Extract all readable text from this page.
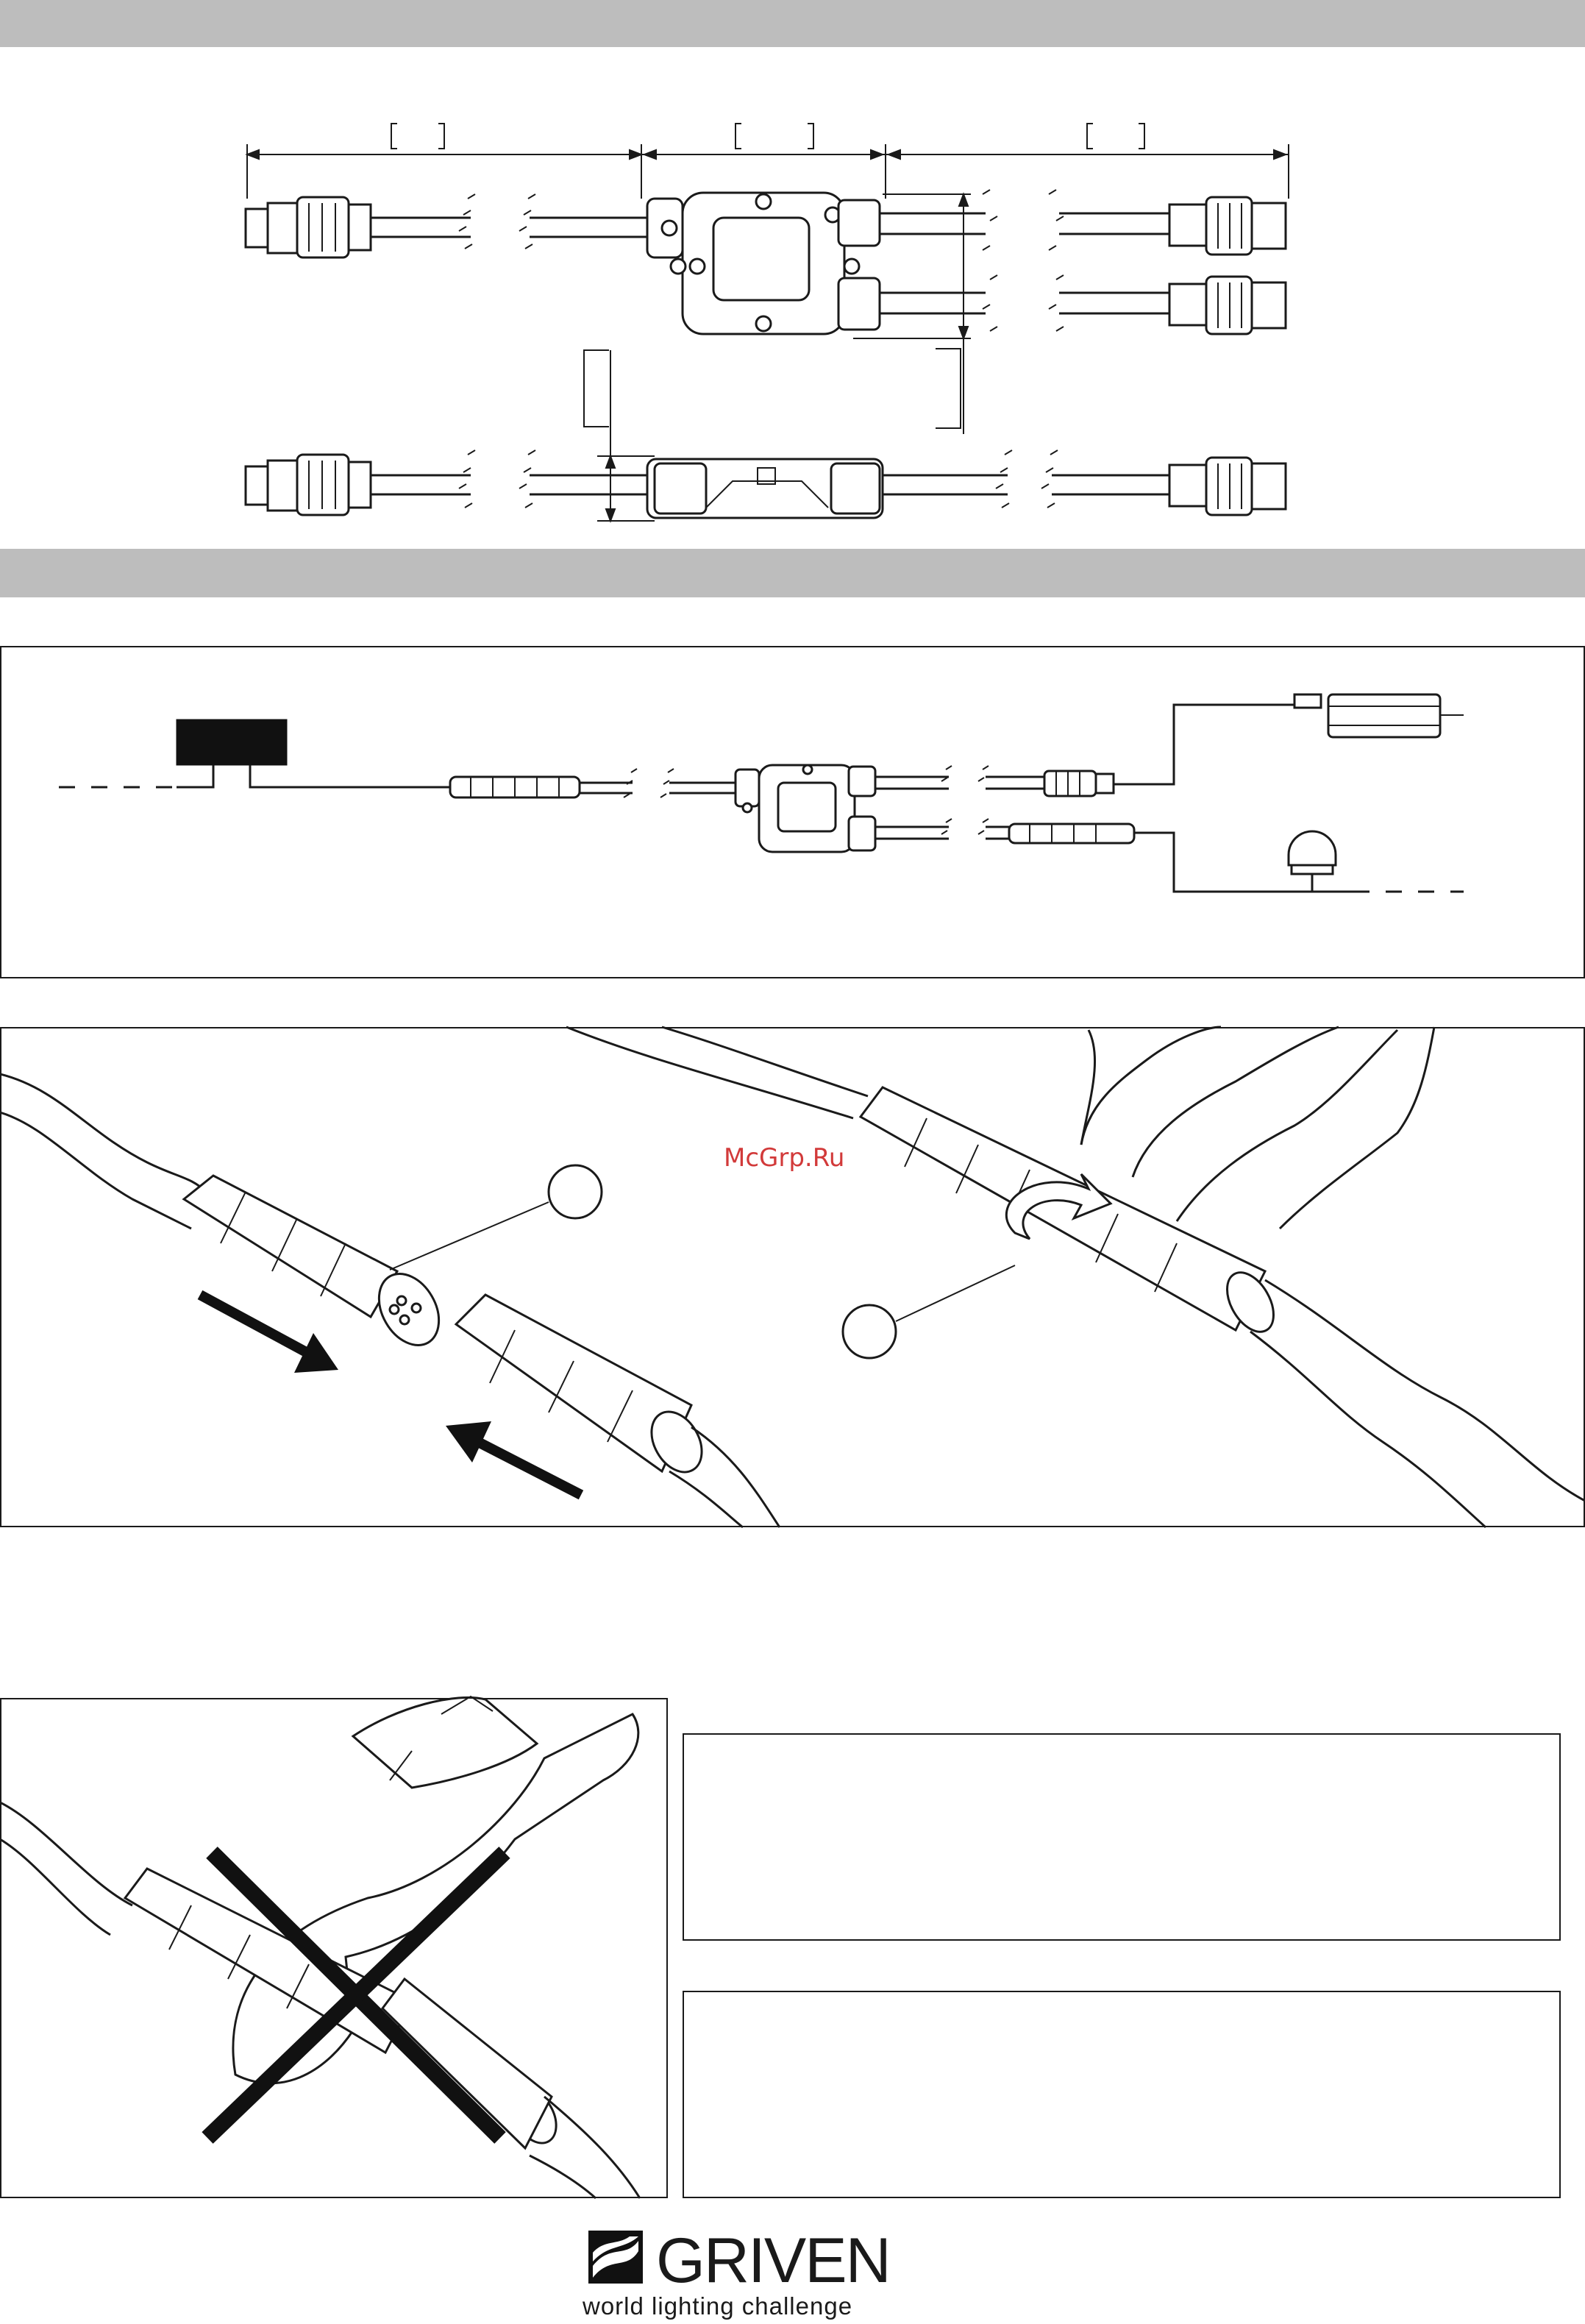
McGrp.Ru
GRIVEN
world lighting challenge
